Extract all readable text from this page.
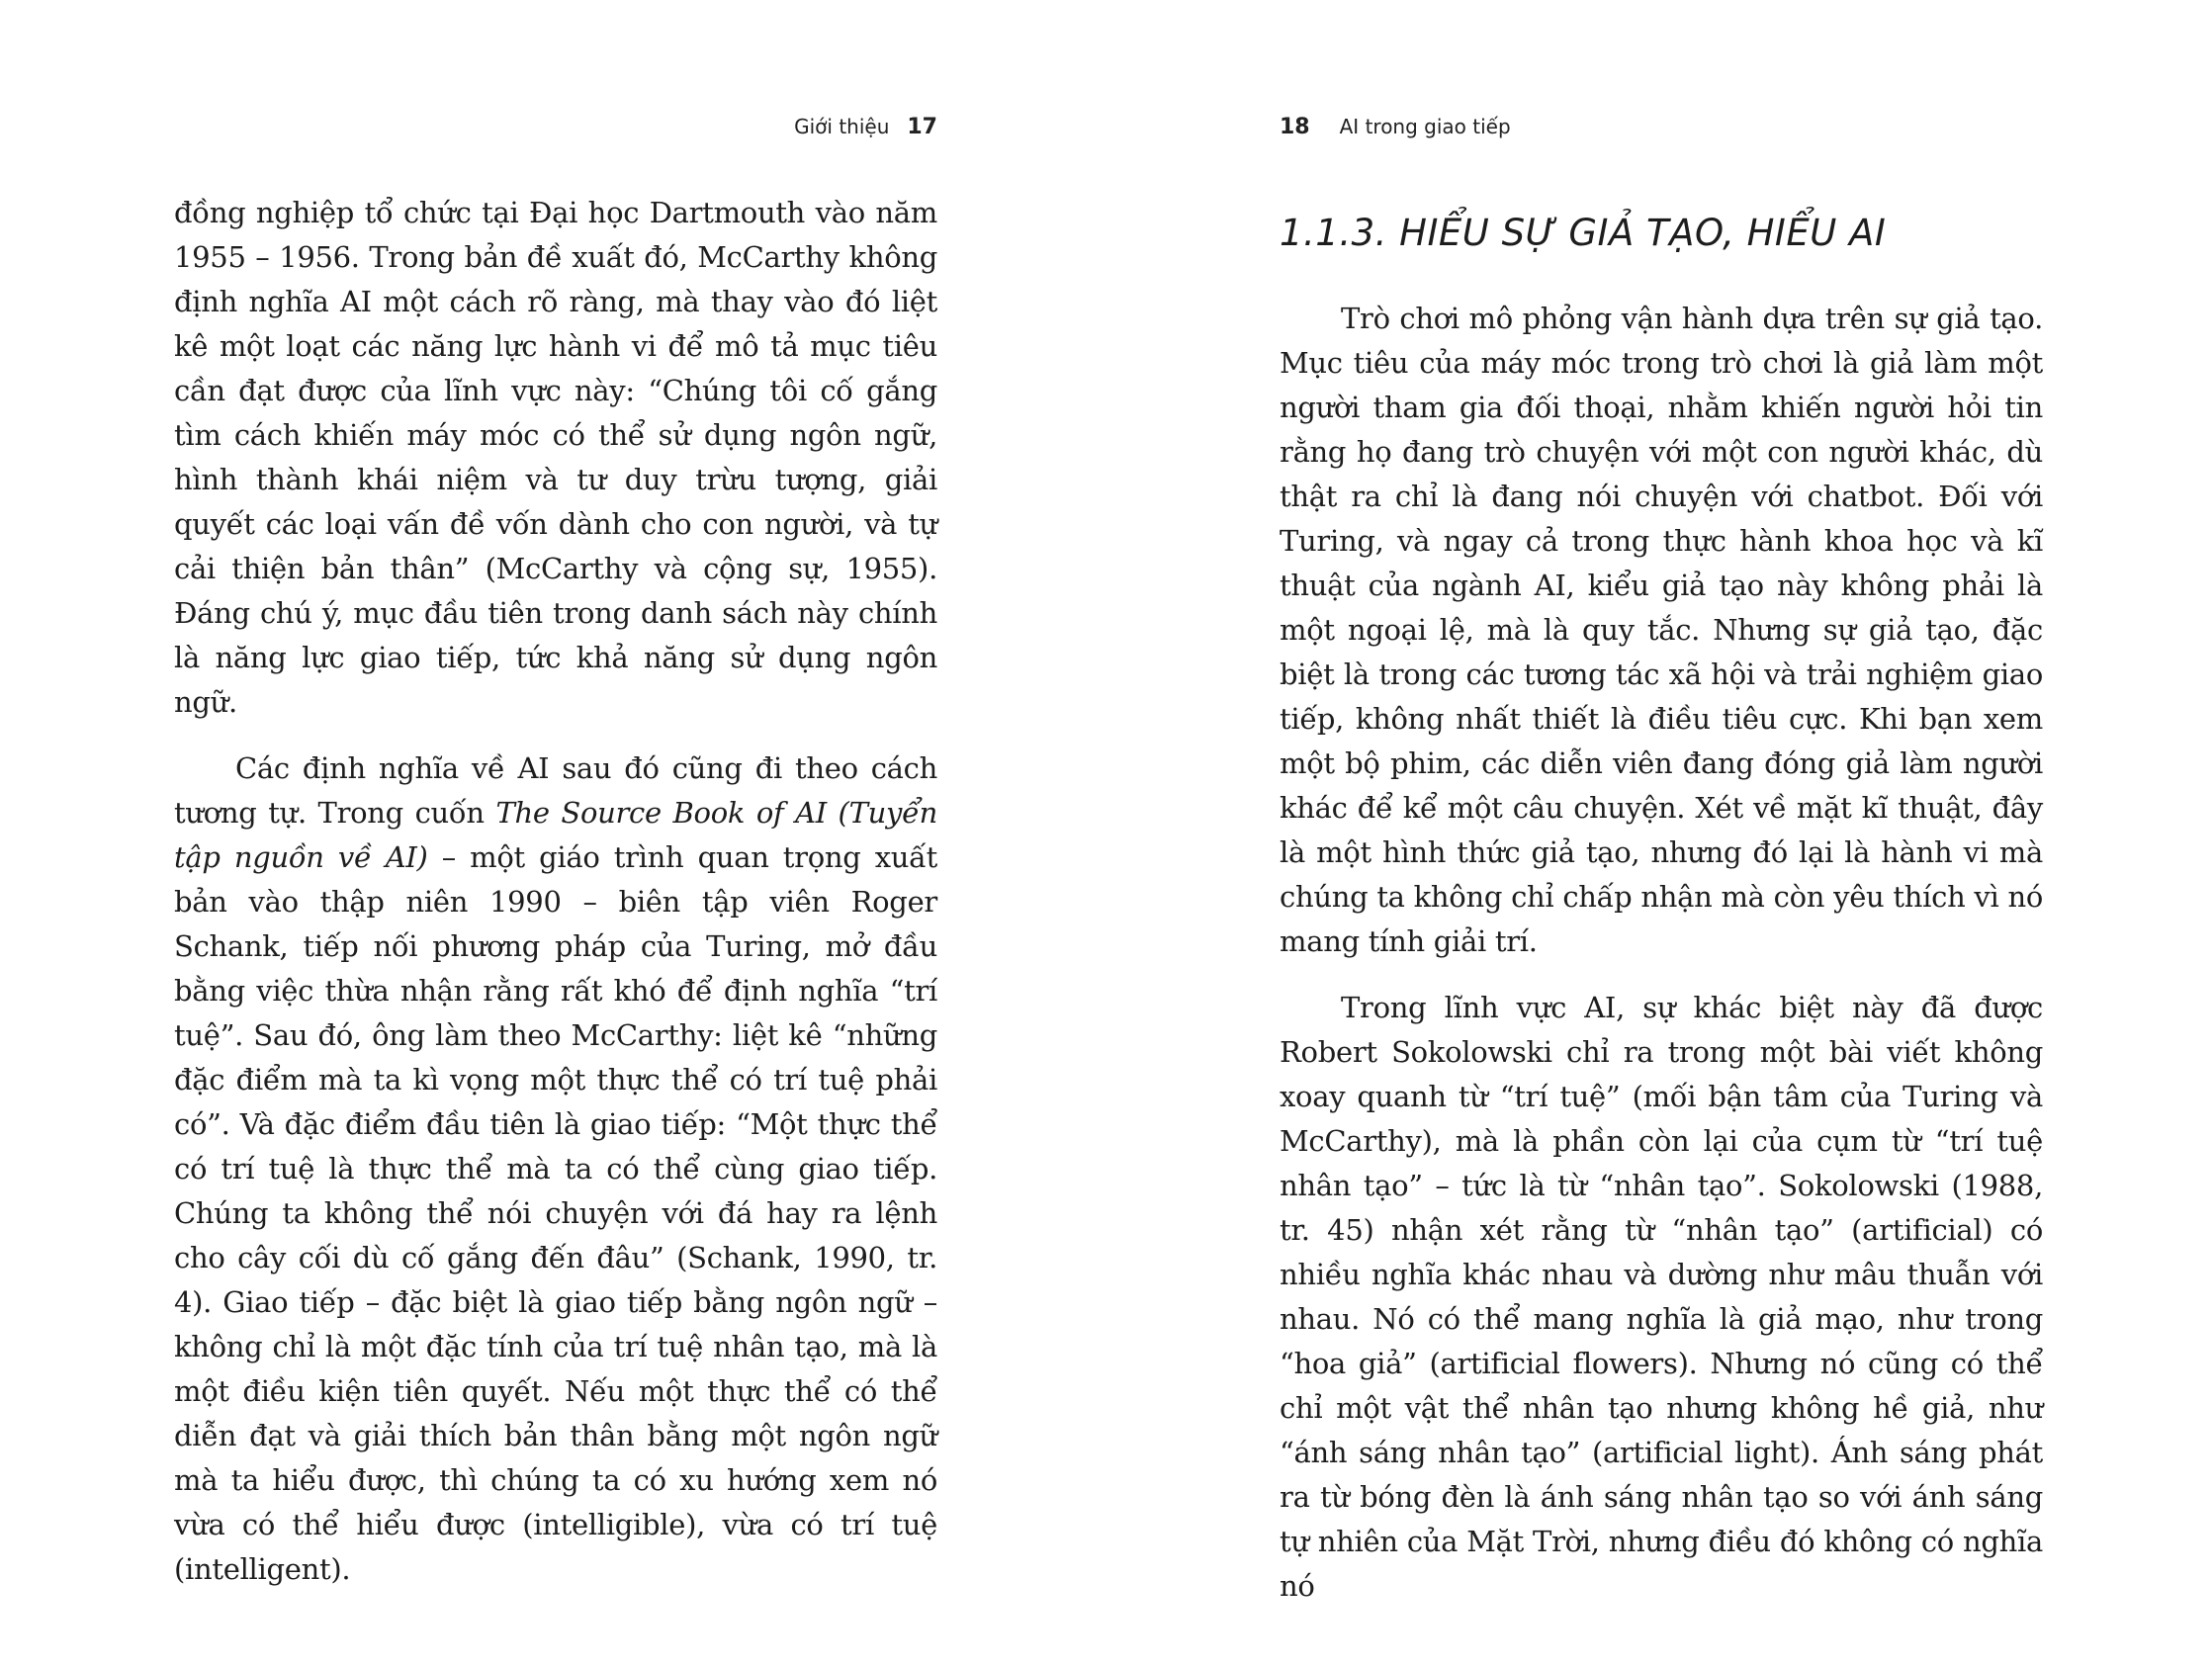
Giới thiệu 17

đồng nghiệp tổ chức tại Đại học Dartmouth vào năm 1955 – 1956. Trong bản đề xuất đó, McCarthy không định nghĩa AI một cách rõ ràng, mà thay vào đó liệt kê một loạt các năng lực hành vi để mô tả mục tiêu cần đạt được của lĩnh vực này: “Chúng tôi cố gắng tìm cách khiến máy móc có thể sử dụng ngôn ngữ, hình thành khái niệm và tư duy trừu tượng, giải quyết các loại vấn đề vốn dành cho con người, và tự cải thiện bản thân” (McCarthy và cộng sự, 1955). Đáng chú ý, mục đầu tiên trong danh sách này chính là năng lực giao tiếp, tức khả năng sử dụng ngôn ngữ.

Các định nghĩa về AI sau đó cũng đi theo cách tương tự. Trong cuốn The Source Book of AI (Tuyển tập nguồn về AI) – một giáo trình quan trọng xuất bản vào thập niên 1990 – biên tập viên Roger Schank, tiếp nối phương pháp của Turing, mở đầu bằng việc thừa nhận rằng rất khó để định nghĩa “trí tuệ”. Sau đó, ông làm theo McCarthy: liệt kê “những đặc điểm mà ta kì vọng một thực thể có trí tuệ phải có”. Và đặc điểm đầu tiên là giao tiếp: “Một thực thể có trí tuệ là thực thể mà ta có thể cùng giao tiếp. Chúng ta không thể nói chuyện với đá hay ra lệnh cho cây cối dù cố gắng đến đâu” (Schank, 1990, tr. 4). Giao tiếp – đặc biệt là giao tiếp bằng ngôn ngữ – không chỉ là một đặc tính của trí tuệ nhân tạo, mà là một điều kiện tiên quyết. Nếu một thực thể có thể diễn đạt và giải thích bản thân bằng một ngôn ngữ mà ta hiểu được, thì chúng ta có xu hướng xem nó vừa có thể hiểu được (intelligible), vừa có trí tuệ (intelligent).

18 AI trong giao tiếp
1.1.3. HIỂU SỰ GIẢ TẠO, HIỂU AI

Trò chơi mô phỏng vận hành dựa trên sự giả tạo. Mục tiêu của máy móc trong trò chơi là giả làm một người tham gia đối thoại, nhằm khiến người hỏi tin rằng họ đang trò chuyện với một con người khác, dù thật ra chỉ là đang nói chuyện với chatbot. Đối với Turing, và ngay cả trong thực hành khoa học và kĩ thuật của ngành AI, kiểu giả tạo này không phải là một ngoại lệ, mà là quy tắc. Nhưng sự giả tạo, đặc biệt là trong các tương tác xã hội và trải nghiệm giao tiếp, không nhất thiết là điều tiêu cực. Khi bạn xem một bộ phim, các diễn viên đang đóng giả làm người khác để kể một câu chuyện. Xét về mặt kĩ thuật, đây là một hình thức giả tạo, nhưng đó lại là hành vi mà chúng ta không chỉ chấp nhận mà còn yêu thích vì nó mang tính giải trí.

Trong lĩnh vực AI, sự khác biệt này đã được Robert Sokolowski chỉ ra trong một bài viết không xoay quanh từ “trí tuệ” (mối bận tâm của Turing và McCarthy), mà là phần còn lại của cụm từ “trí tuệ nhân tạo” – tức là từ “nhân tạo”. Sokolowski (1988, tr. 45) nhận xét rằng từ “nhân tạo” (artificial) có nhiều nghĩa khác nhau và dường như mâu thuẫn với nhau. Nó có thể mang nghĩa là giả mạo, như trong “hoa giả” (artificial flowers). Nhưng nó cũng có thể chỉ một vật thể nhân tạo nhưng không hề giả, như “ánh sáng nhân tạo” (artificial light). Ánh sáng phát ra từ bóng đèn là ánh sáng nhân tạo so với ánh sáng tự nhiên của Mặt Trời, nhưng điều đó không có nghĩa nó
